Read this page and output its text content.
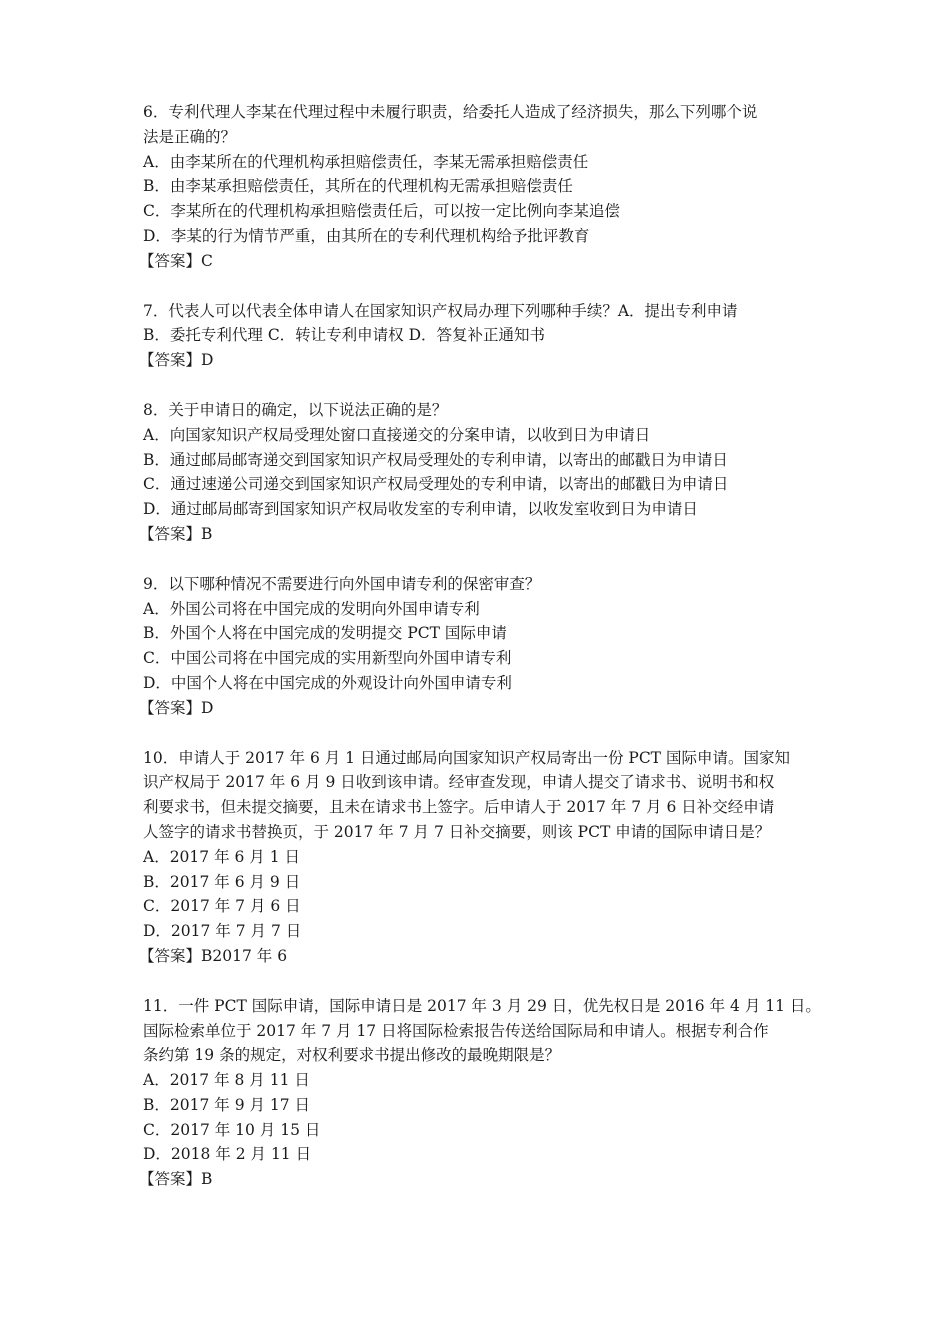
6．专利代理人李某在代理过程中未履行职责，给委托人造成了经济损失，那么下列哪个说
法是正确的？
A．由李某所在的代理机构承担赔偿责任，李某无需承担赔偿责任
B．由李某承担赔偿责任，其所在的代理机构无需承担赔偿责任
C．李某所在的代理机构承担赔偿责任后，可以按一定比例向李某追偿
D．李某的行为情节严重，由其所在的专利代理机构给予批评教育
【答案】C
7．代表人可以代表全体申请人在国家知识产权局办理下列哪种手续？A．提出专利申请
B．委托专利代理 C．转让专利申请权 D．答复补正通知书
【答案】D
8．关于申请日的确定，以下说法正确的是？
A．向国家知识产权局受理处窗口直接递交的分案申请，以收到日为申请日
B．通过邮局邮寄递交到国家知识产权局受理处的专利申请，以寄出的邮戳日为申请日
C．通过速递公司递交到国家知识产权局受理处的专利申请，以寄出的邮戳日为申请日
D．通过邮局邮寄到国家知识产权局收发室的专利申请，以收发室收到日为申请日
【答案】B
9．以下哪种情况不需要进行向外国申请专利的保密审查？
A．外国公司将在中国完成的发明向外国申请专利
B．外国个人将在中国完成的发明提交 PCT 国际申请
C．中国公司将在中国完成的实用新型向外国申请专利
D．中国个人将在中国完成的外观设计向外国申请专利
【答案】D
10．申请人于 2017 年 6 月 1 日通过邮局向国家知识产权局寄出一份 PCT 国际申请。国家知
识产权局于 2017 年 6 月 9 日收到该申请。经审查发现，申请人提交了请求书、说明书和权
利要求书，但未提交摘要，且未在请求书上签字。后申请人于 2017 年 7 月 6 日补交经申请
人签字的请求书替换页，于 2017 年 7 月 7 日补交摘要，则该 PCT 申请的国际申请日是？
A．2017 年 6 月 1 日
B．2017 年 6 月 9 日
C．2017 年 7 月 6 日
D．2017 年 7 月 7 日
【答案】B2017 年 6
11．一件 PCT 国际申请，国际申请日是 2017 年 3 月 29 日，优先权日是 2016 年 4 月 11 日。
国际检索单位于 2017 年 7 月 17 日将国际检索报告传送给国际局和申请人。根据专利合作
条约第 19 条的规定，对权利要求书提出修改的最晚期限是？
A．2017 年 8 月 11 日
B．2017 年 9 月 17 日
C．2017 年 10 月 15 日
D．2018 年 2 月 11 日
【答案】B
